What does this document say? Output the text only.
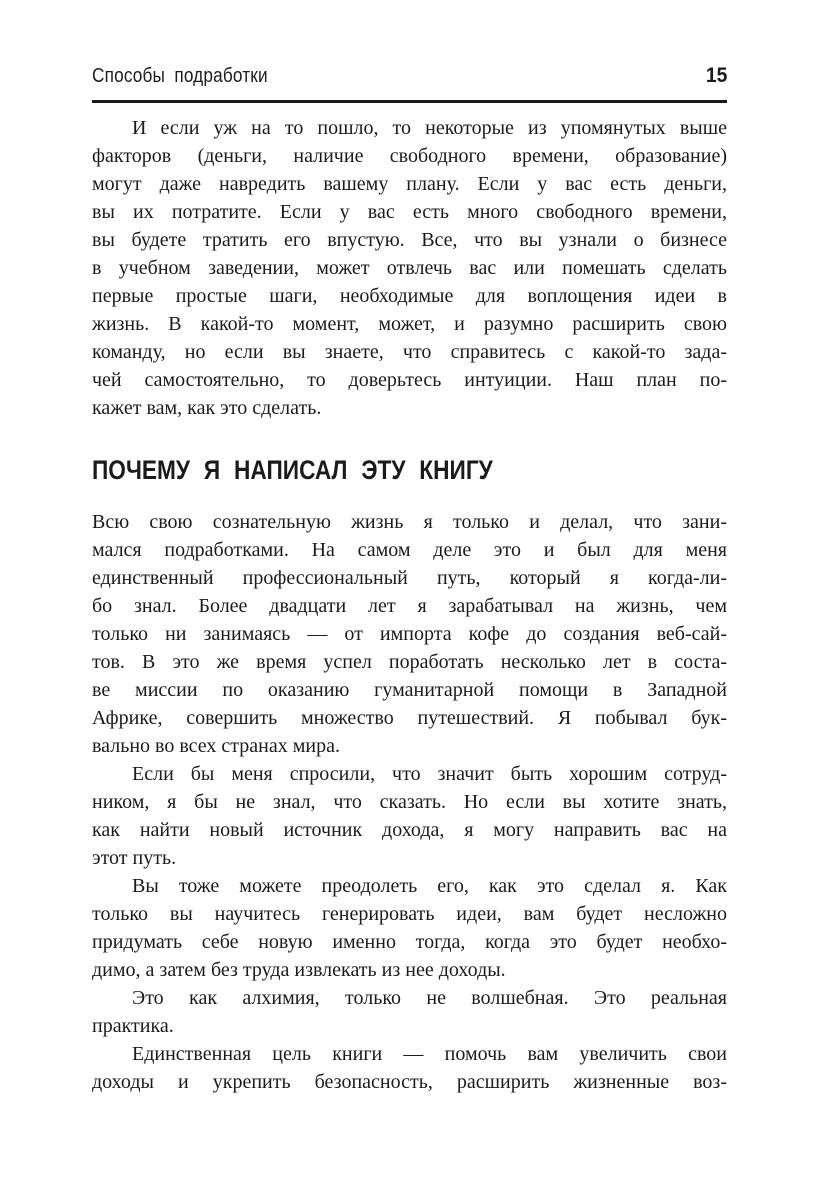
Способы подработки	15

И если уж на то пошло, то некоторые из упомянутых выше
факторов (деньги, наличие свободного времени, образование)
могут даже навредить вашему плану. Если у вас есть деньги,
вы их потратите. Если у вас есть много свободного времени,
вы будете тратить его впустую. Все, что вы узнали о бизнесе
в учебном заведении, может отвлечь вас или помешать сделать
первые простые шаги, необходимые для воплощения идеи в
жизнь. В какой-то момент, может, и разумно расширить свою
команду, но если вы знаете, что справитесь с какой-то зада-
чей самостоятельно, то доверьтесь интуиции. Наш план по-
кажет вам, как это сделать.

ПОЧЕМУ Я НАПИСАЛ ЭТУ КНИГУ

Всю свою сознательную жизнь я только и делал, что зани-
мался подработками. На самом деле это и был для меня
единственный профессиональный путь, который я когда-ли-
бо знал. Более двадцати лет я зарабатывал на жизнь, чем
только ни занимаясь — от импорта кофе до создания веб-сай-
тов. В это же время успел поработать несколько лет в соста-
ве миссии по оказанию гуманитарной помощи в Западной
Африке, совершить множество путешествий. Я побывал бук-
вально во всех странах мира.

Если бы меня спросили, что значит быть хорошим сотруд-
ником, я бы не знал, что сказать. Но если вы хотите знать,
как найти новый источник дохода, я могу направить вас на
этот путь.

Вы тоже можете преодолеть его, как это сделал я. Как
только вы научитесь генерировать идеи, вам будет несложно
придумать себе новую именно тогда, когда это будет необхо-
димо, а затем без труда извлекать из нее доходы.

Это как алхимия, только не волшебная. Это реальная
практика.

Единственная цель книги — помочь вам увеличить свои
доходы и укрепить безопасность, расширить жизненные воз-
